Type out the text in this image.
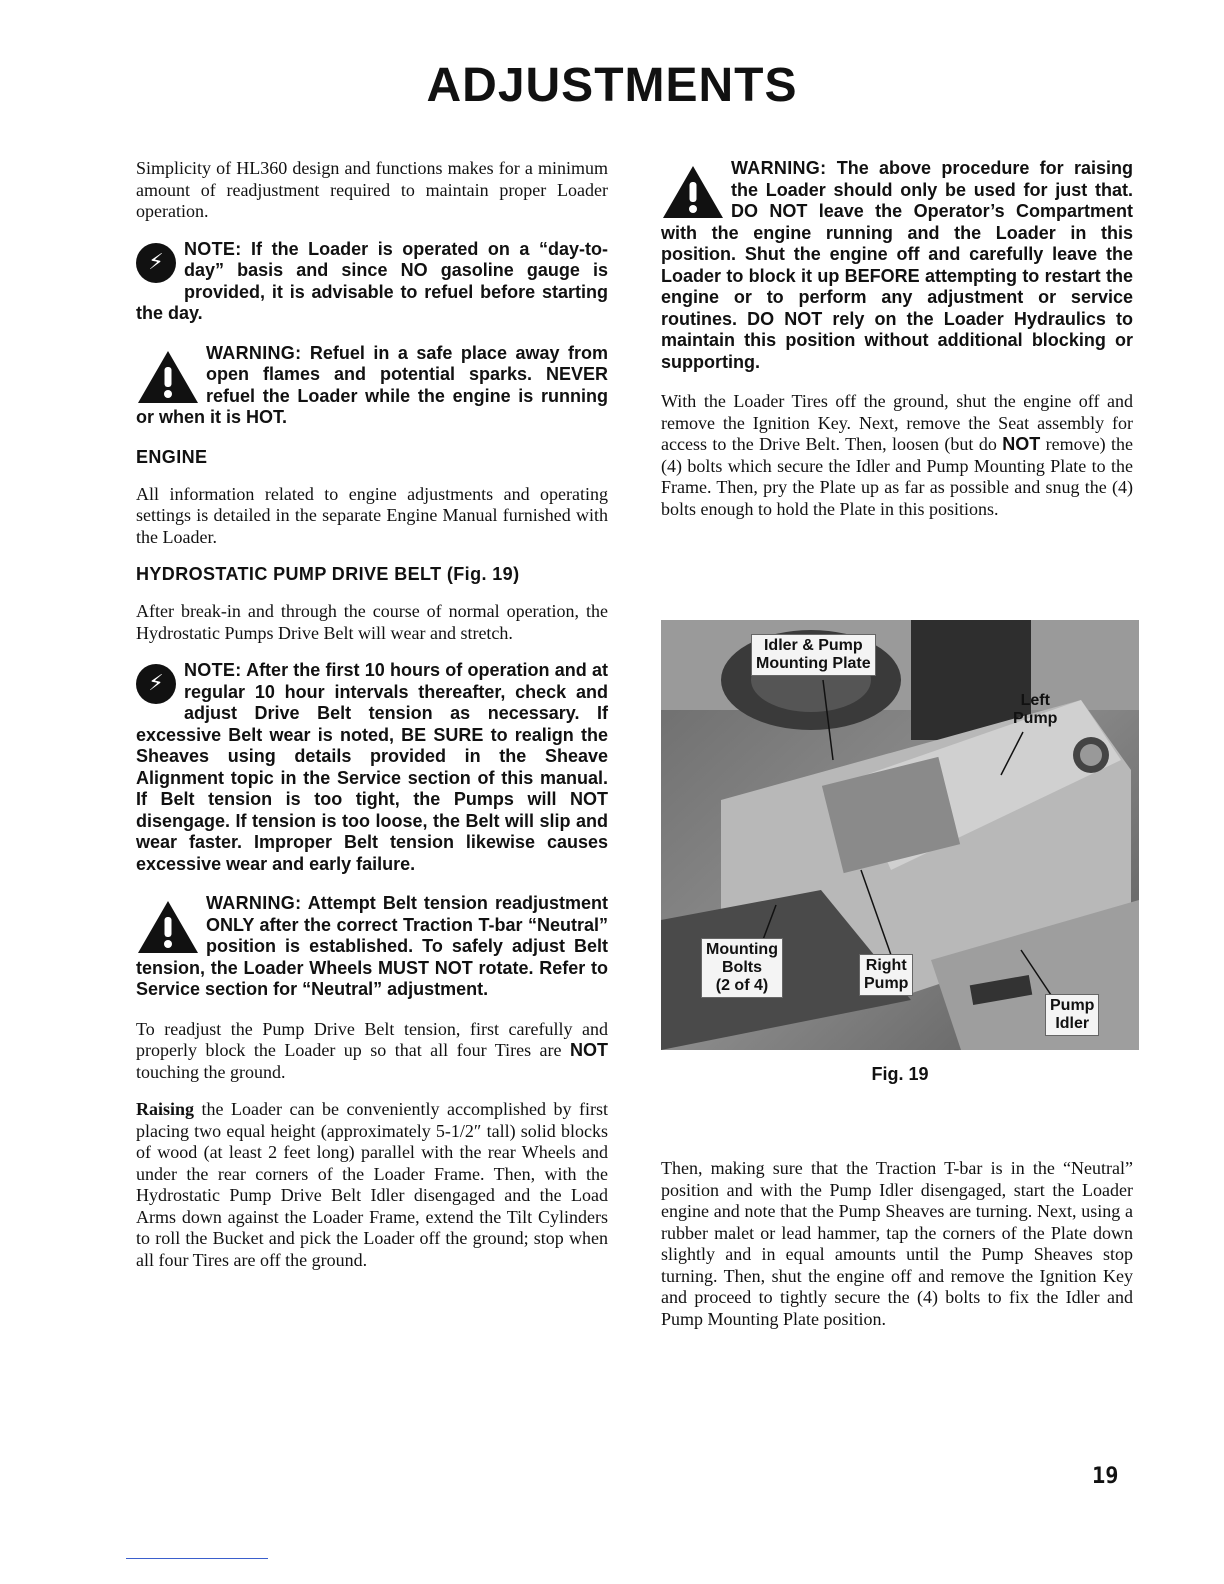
ADJUSTMENTS

Simplicity of HL360 design and functions makes for a minimum amount of readjustment required to maintain proper Loader operation.

⚡
NOTE: If the Loader is operated on a “day-to-day” basis and since NO gasoline gauge is provided, it is advisable to refuel before starting the day.
WARNING: Refuel in a safe place away from open flames and potential sparks. NEVER refuel the Loader while the engine is running or when it is HOT.
ENGINE

All information related to engine adjustments and operating settings is detailed in the separate Engine Manual furnished with the Loader.

HYDROSTATIC PUMP DRIVE BELT (Fig. 19)

After break-in and through the course of normal operation, the Hydrostatic Pumps Drive Belt will wear and stretch.

⚡
NOTE: After the first 10 hours of operation and at regular 10 hour intervals thereafter, check and adjust Drive Belt tension as necessary. If excessive Belt wear is noted, BE SURE to realign the Sheaves using details provided in the Sheave Alignment topic in the Service section of this manual. If Belt tension is too tight, the Pumps will NOT disengage. If tension is too loose, the Belt will slip and wear faster. Improper Belt tension likewise causes excessive wear and early failure.
WARNING: Attempt Belt tension readjustment ONLY after the correct Traction T-bar “Neutral” position is established. To safely adjust Belt tension, the Loader Wheels MUST NOT rotate. Refer to Service section for “Neutral” adjustment.

To readjust the Pump Drive Belt tension, first carefully and properly block the Loader up so that all four Tires are NOT touching the ground.

Raising the Loader can be conveniently accomplished by first placing two equal height (approximately 5-1/2″ tall) solid blocks of wood (at least 2 feet long) parallel with the rear Wheels and under the rear corners of the Loader Frame. Then, with the Hydrostatic Pump Drive Belt Idler disengaged and the Load Arms down against the Loader Frame, extend the Tilt Cylinders to roll the Bucket and pick the Loader off the ground; stop when all four Tires are off the ground.

WARNING: The above procedure for raising the Loader should only be used for just that. DO NOT leave the Operator’s Compartment with the engine running and the Loader in this position. Shut the engine off and carefully leave the Loader to block it up BEFORE attempting to restart the engine or to perform any adjustment or service routines. DO NOT rely on the Loader Hydraulics to maintain this position without additional blocking or supporting.

With the Loader Tires off the ground, shut the engine off and remove the Ignition Key. Next, remove the Seat assembly for access to the Drive Belt. Then, loosen (but do NOT remove) the (4) bolts which secure the Idler and Pump Mounting Plate to the Frame. Then, pry the Plate up as far as possible and snug the (4) bolts enough to hold the Plate in this positions.

Idler & Pump
Mounting Plate
Left
Pump
Mounting
Bolts
(2 of 4)
Right
Pump
Pump
Idler
Fig. 19

Then, making sure that the Traction T-bar is in the “Neutral” position and with the Pump Idler disengaged, start the Loader engine and note that the Pump Sheaves are turning. Next, using a rubber malet or lead hammer, tap the corners of the Plate down slightly and in equal amounts until the Pump Sheaves stop turning. Then, shut the engine off and remove the Ignition Key and proceed to tightly secure the (4) bolts to fix the Idler and Pump Mounting Plate position.

19
